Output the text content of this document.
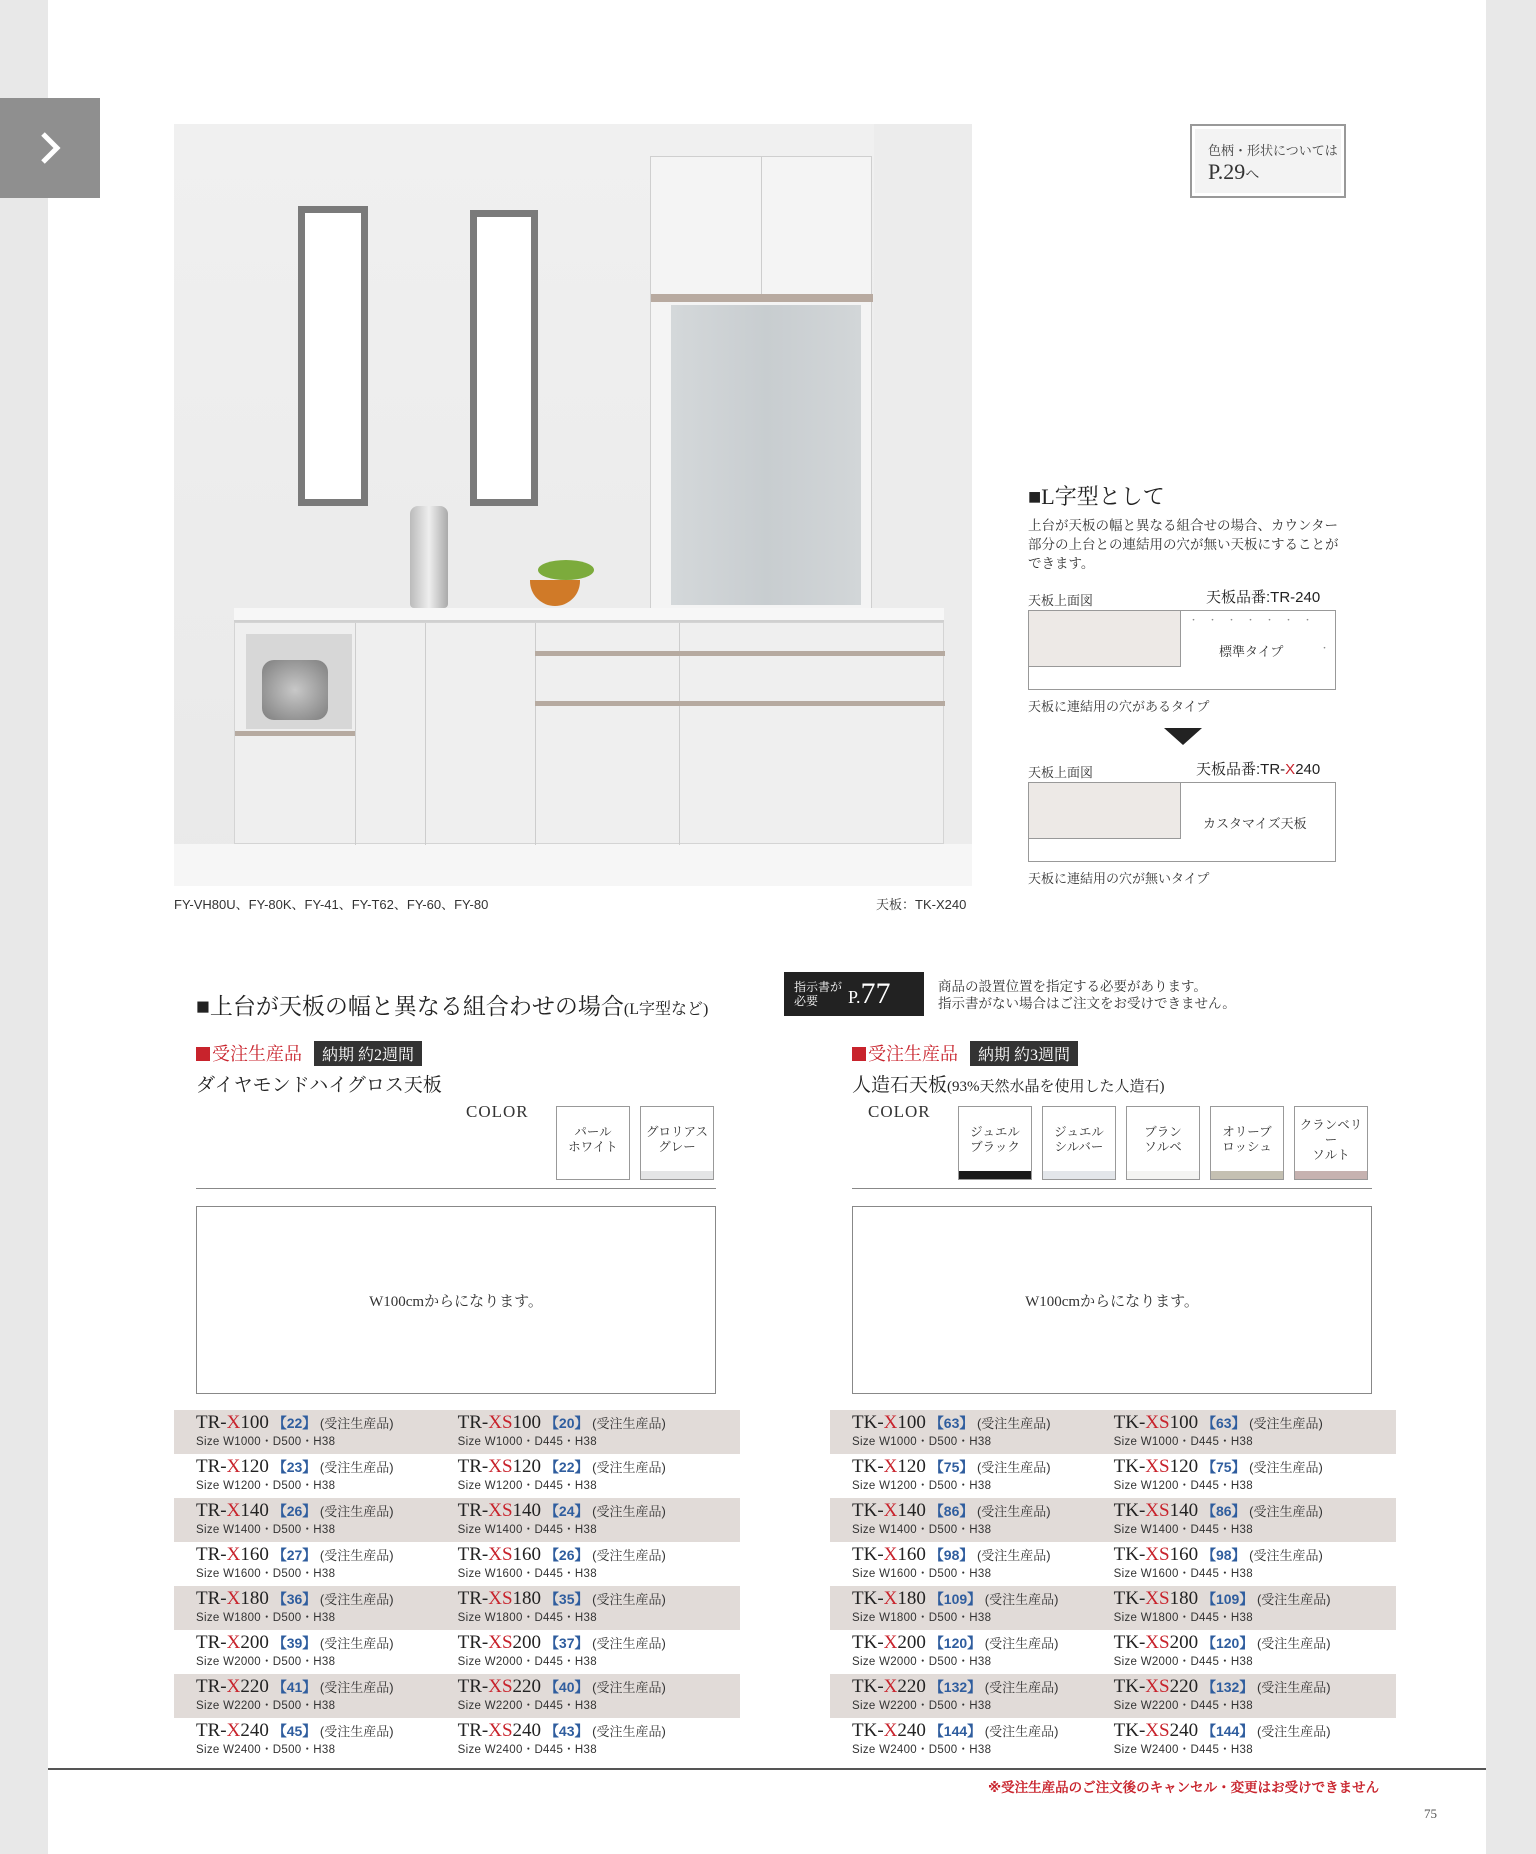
FY-VH80U、FY-80K、FY-41、FY-T62、FY-60、FY-80	天板：TK-X240
色柄・形状については
P.29へ
■L字型として
上台が天板の幅と異なる組合せの場合、カウンター部分の上台との連結用の穴が無い天板にすることができます。
天板上面図	天板品番:TR-240
・・・・・・・
標準タイプ	・
天板に連結用の穴があるタイプ
天板上面図	天板品番:TR-X240
カスタマイズ天板
天板に連結用の穴が無いタイプ
■上台が天板の幅と異なる組合わせの場合(L字型など)
指示書が必要	P.77	商品の設置位置を指定する必要があります。
指示書がない場合はご注文をお受けできません。
受注生産品	納期 約2週間
ダイヤモンドハイグロス天板
COLOR
パール
ホワイト
グロリアス
グレー
W100cmからになります。
TR-X100 【22】 (受注生産品)
Size W1000・D500・H38
TR-XS100 【20】 (受注生産品)
Size W1000・D445・H38
TR-X120 【23】 (受注生産品)
Size W1200・D500・H38
TR-XS120 【22】 (受注生産品)
Size W1200・D445・H38
TR-X140 【26】 (受注生産品)
Size W1400・D500・H38
TR-XS140 【24】 (受注生産品)
Size W1400・D445・H38
TR-X160 【27】 (受注生産品)
Size W1600・D500・H38
TR-XS160 【26】 (受注生産品)
Size W1600・D445・H38
TR-X180 【36】 (受注生産品)
Size W1800・D500・H38
TR-XS180 【35】 (受注生産品)
Size W1800・D445・H38
TR-X200 【39】 (受注生産品)
Size W2000・D500・H38
TR-XS200 【37】 (受注生産品)
Size W2000・D445・H38
TR-X220 【41】 (受注生産品)
Size W2200・D500・H38
TR-XS220 【40】 (受注生産品)
Size W2200・D445・H38
TR-X240 【45】 (受注生産品)
Size W2400・D500・H38
TR-XS240 【43】 (受注生産品)
Size W2400・D445・H38
受注生産品	納期 約3週間
人造石天板(93%天然水晶を使用した人造石)
COLOR
ジュエル
ブラック
ジュエル
シルバー
ブラン
ソルベ
オリーブ
ロッシュ
クランベリー
ソルト
W100cmからになります。
TK-X100 【63】 (受注生産品)
Size W1000・D500・H38
TK-XS100 【63】 (受注生産品)
Size W1000・D445・H38
TK-X120 【75】 (受注生産品)
Size W1200・D500・H38
TK-XS120 【75】 (受注生産品)
Size W1200・D445・H38
TK-X140 【86】 (受注生産品)
Size W1400・D500・H38
TK-XS140 【86】 (受注生産品)
Size W1400・D445・H38
TK-X160 【98】 (受注生産品)
Size W1600・D500・H38
TK-XS160 【98】 (受注生産品)
Size W1600・D445・H38
TK-X180 【109】 (受注生産品)
Size W1800・D500・H38
TK-XS180 【109】 (受注生産品)
Size W1800・D445・H38
TK-X200 【120】 (受注生産品)
Size W2000・D500・H38
TK-XS200 【120】 (受注生産品)
Size W2000・D445・H38
TK-X220 【132】 (受注生産品)
Size W2200・D500・H38
TK-XS220 【132】 (受注生産品)
Size W2200・D445・H38
TK-X240 【144】 (受注生産品)
Size W2400・D500・H38
TK-XS240 【144】 (受注生産品)
Size W2400・D445・H38
※受注生産品のご注文後のキャンセル・変更はお受けできません
75
